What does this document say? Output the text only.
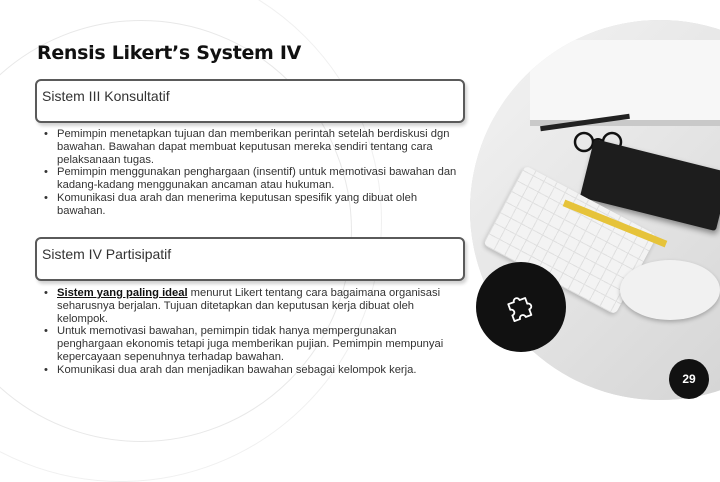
Rensis Likert’s System IV
Sistem III Konsultatif
• Pemimpin menetapkan tujuan dan memberikan perintah setelah berdiskusi dgn bawahan. Bawahan dapat membuat keputusan mereka sendiri tentang cara pelaksanaan tugas.
• Pemimpin menggunakan penghargaan (insentif) untuk memotivasi bawahan dan kadang-kadang menggunakan ancaman atau hukuman.
• Komunikasi dua arah dan menerima keputusan spesifik yang dibuat oleh bawahan.
Sistem IV Partisipatif
• Sistem yang paling ideal menurut Likert tentang cara bagaimana organisasi seharusnya berjalan. Tujuan ditetapkan dan keputusan kerja dibuat oleh kelompok.
• Untuk memotivasi bawahan, pemimpin tidak hanya mempergunakan penghargaan ekonomis tetapi juga memberikan pujian. Pemimpin mempunyai kepercayaan sepenuhnya terhadap bawahan.
• Komunikasi dua arah dan menjadikan bawahan sebagai kelompok kerja.
29
